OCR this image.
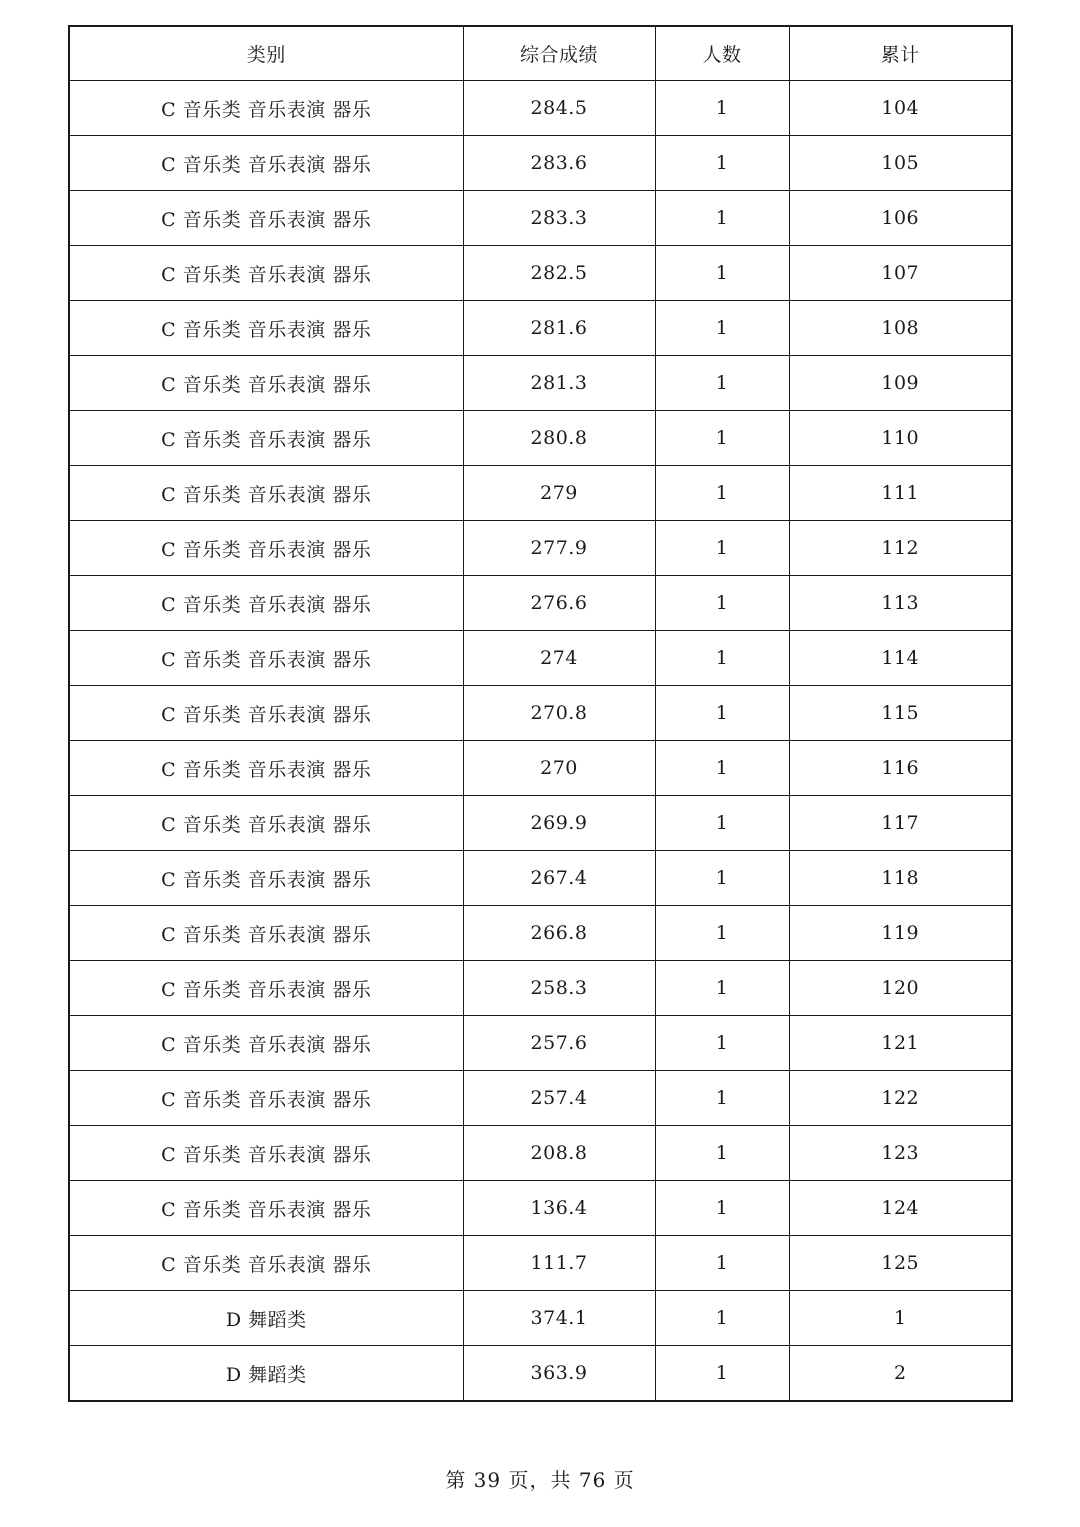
类别	综合成绩	人数	累计
C 音乐类 音乐表演 器乐	284.5	1	104
C 音乐类 音乐表演 器乐	283.6	1	105
C 音乐类 音乐表演 器乐	283.3	1	106
C 音乐类 音乐表演 器乐	282.5	1	107
C 音乐类 音乐表演 器乐	281.6	1	108
C 音乐类 音乐表演 器乐	281.3	1	109
C 音乐类 音乐表演 器乐	280.8	1	110
C 音乐类 音乐表演 器乐	279	1	111
C 音乐类 音乐表演 器乐	277.9	1	112
C 音乐类 音乐表演 器乐	276.6	1	113
C 音乐类 音乐表演 器乐	274	1	114
C 音乐类 音乐表演 器乐	270.8	1	115
C 音乐类 音乐表演 器乐	270	1	116
C 音乐类 音乐表演 器乐	269.9	1	117
C 音乐类 音乐表演 器乐	267.4	1	118
C 音乐类 音乐表演 器乐	266.8	1	119
C 音乐类 音乐表演 器乐	258.3	1	120
C 音乐类 音乐表演 器乐	257.6	1	121
C 音乐类 音乐表演 器乐	257.4	1	122
C 音乐类 音乐表演 器乐	208.8	1	123
C 音乐类 音乐表演 器乐	136.4	1	124
C 音乐类 音乐表演 器乐	111.7	1	125
D 舞蹈类	374.1	1	1
D 舞蹈类	363.9	1	2
第 39 页，共 76 页
